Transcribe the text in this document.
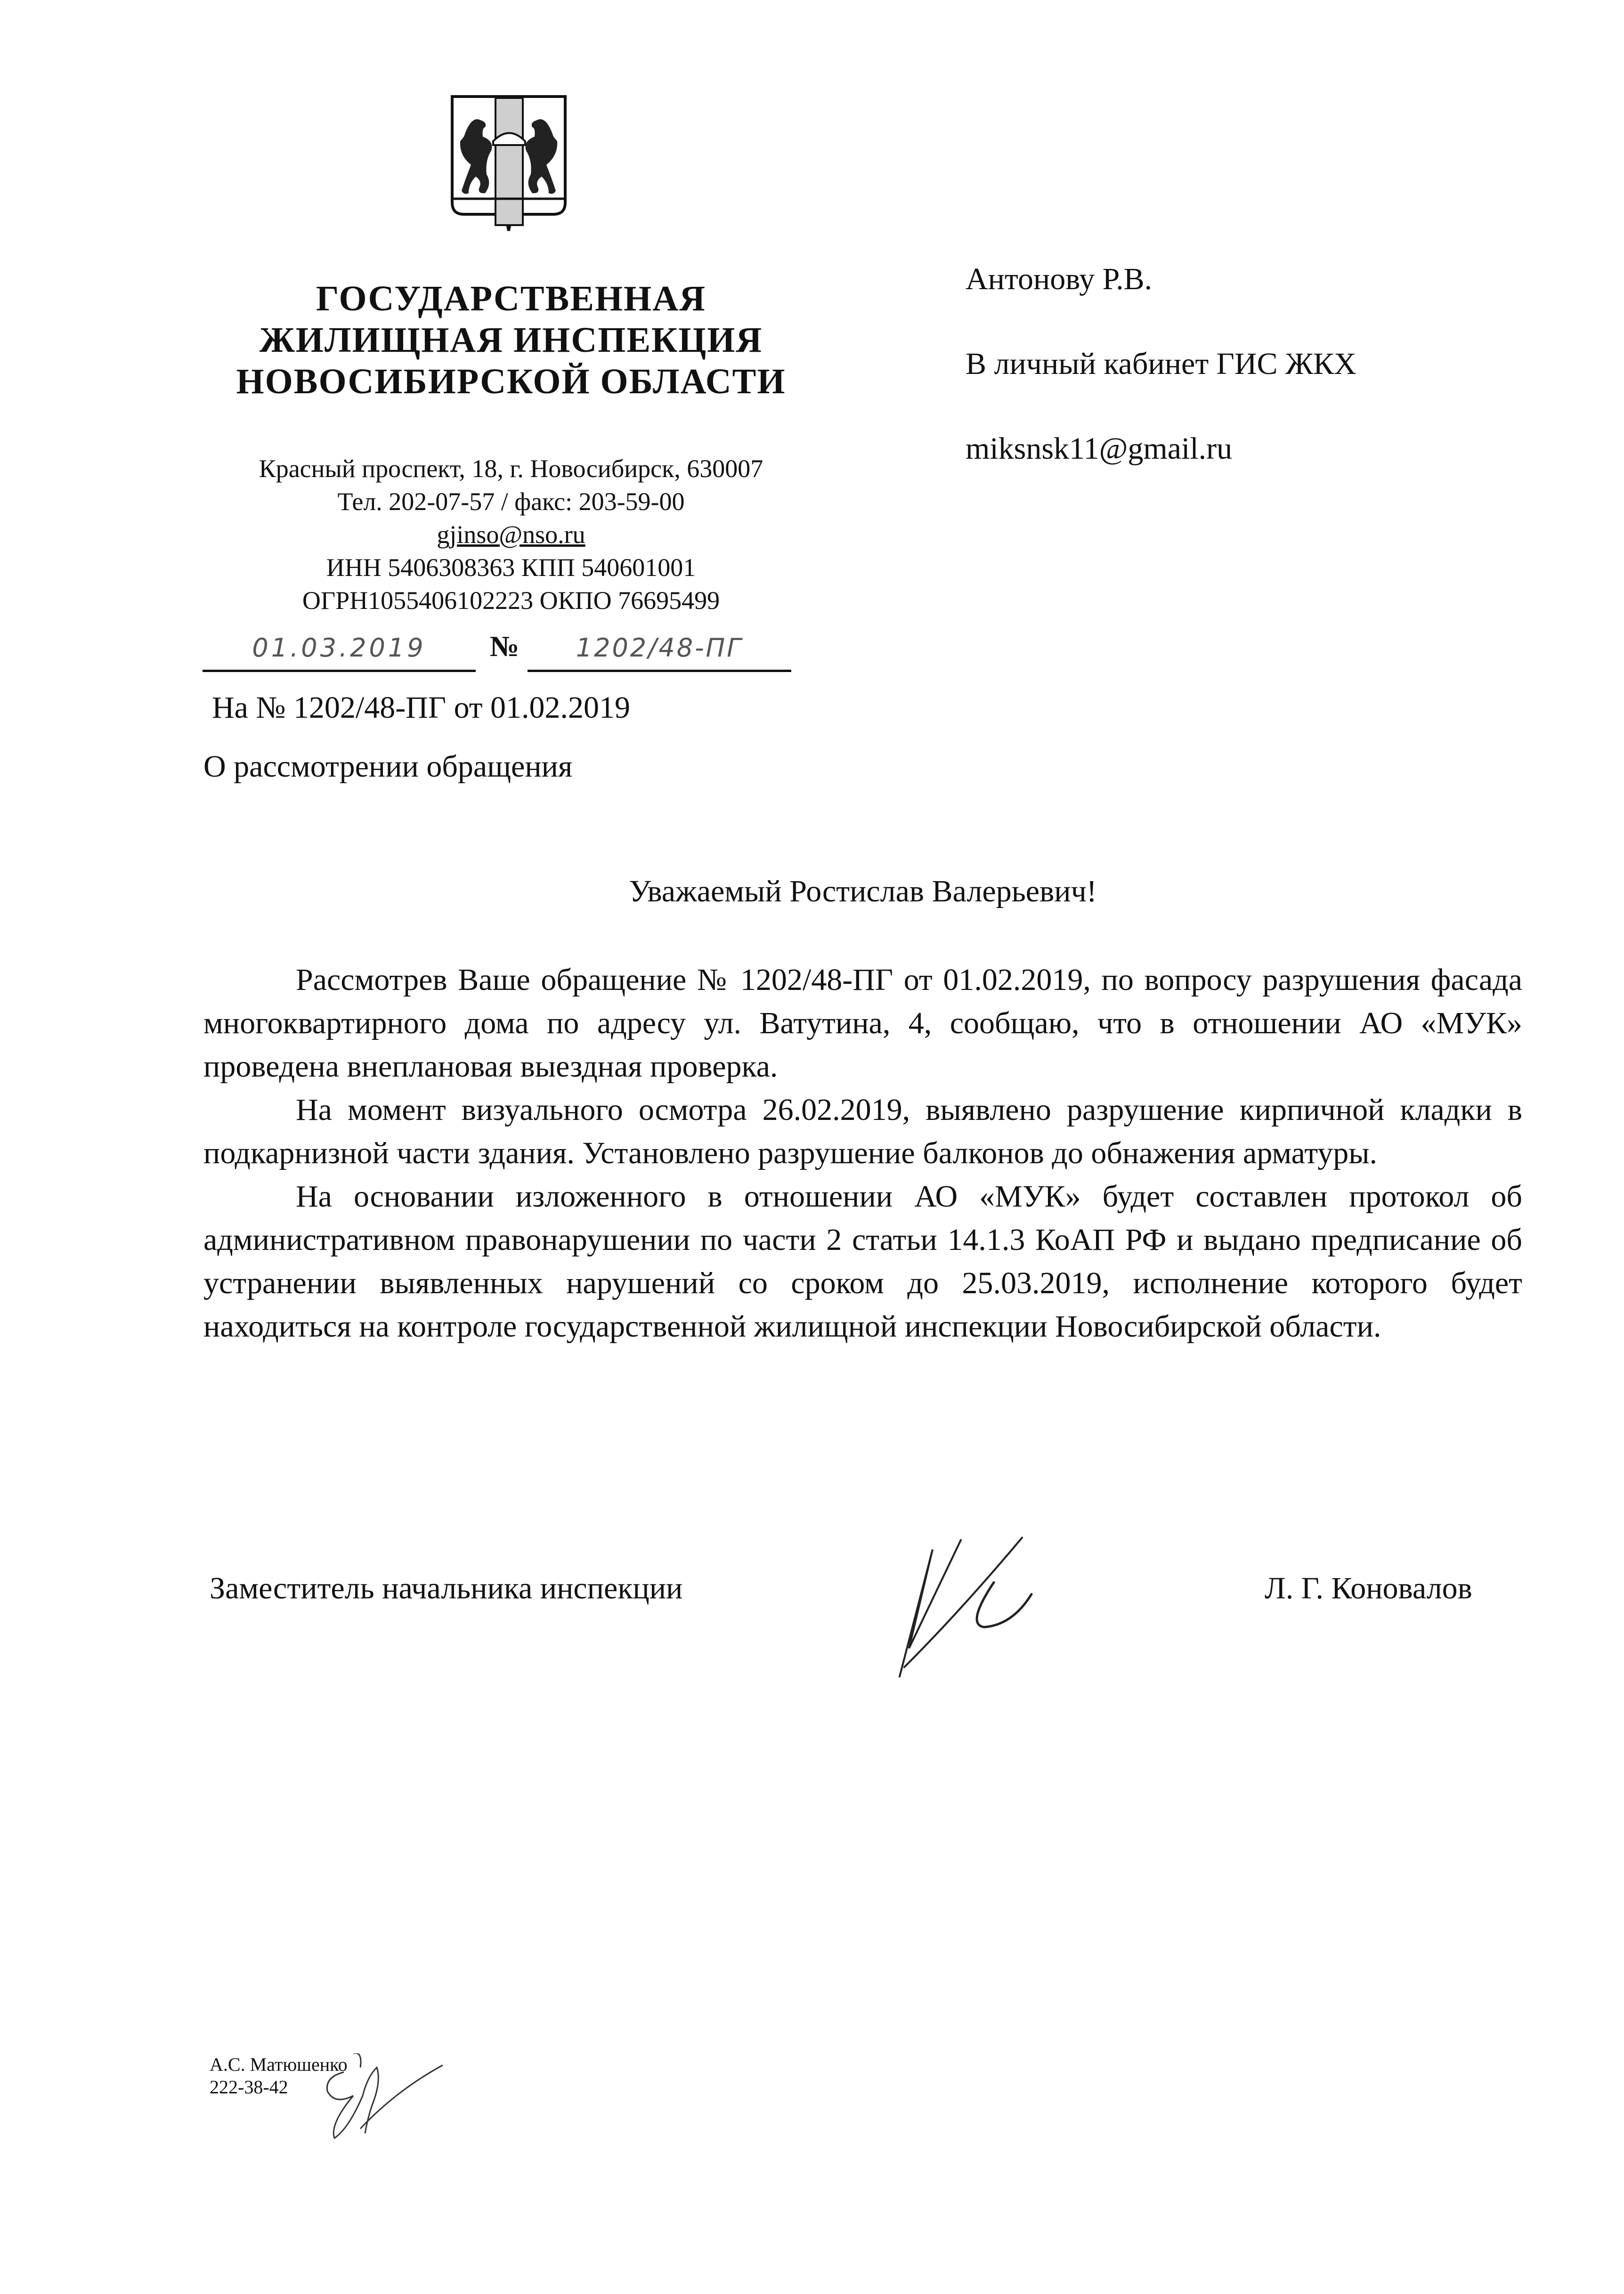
ГОСУДАРСТВЕННАЯ
ЖИЛИЩНАЯ ИНСПЕКЦИЯ
НОВОСИБИРСКОЙ ОБЛАСТИ
Красный проспект, 18, г. Новосибирск, 630007
Тел. 202-07-57 / факс: 203-59-00
gjinso@nso.ru
ИНН 5406308363 КПП 540601001
ОГРН1055406102223 ОКПО 76695499
01.03.2019	№	1202/48-ПГ
На № 1202/48-ПГ от 01.02.2019
О рассмотрении обращения
Антонову Р.В.
В личный кабинет ГИС ЖКХ
miksnsk11@gmail.ru
Уважаемый Ростислав Валерьевич!

Рассмотрев Ваше обращение № 1202/48-ПГ от 01.02.2019, по вопросу разрушения фасада многоквартирного дома по адресу ул. Ватутина, 4, сообщаю, что в отношении АО «МУК» проведена внеплановая выездная проверка.

На момент визуального осмотра 26.02.2019, выявлено разрушение кирпичной кладки в подкарнизной части здания. Установлено разрушение балконов до обнажения арматуры.

На основании изложенного в отношении АО «МУК» будет составлен протокол об административном правонарушении по части 2 статьи 14.1.3 КоАП РФ и выдано предписание об устранении выявленных нарушений со сроком до 25.03.2019, исполнение которого будет находиться на контроле государственной жилищной инспекции Новосибирской области.

Заместитель начальника инспекции	Л. Г. Коновалов
А.С. Матюшенко
222-38-42
